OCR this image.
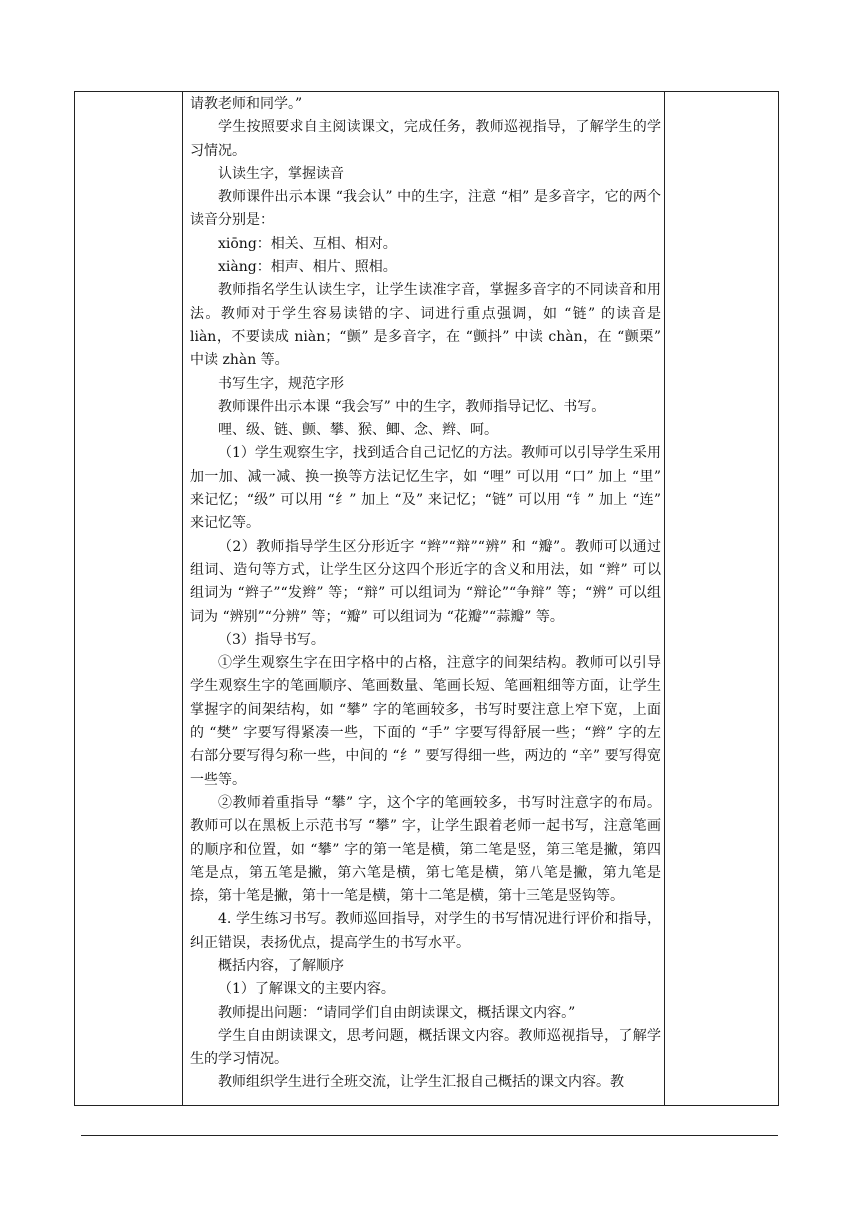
请教老师和同学。”

学生按照要求自主阅读课文，完成任务，教师巡视指导，了解学生的学习情况。

认读生字，掌握读音

教师课件出示本课 “我会认” 中的生字，注意 “相” 是多音字，它的两个读音分别是：

xiōng：相关、互相、相对。

xiàng：相声、相片、照相。

教师指名学生认读生字，让学生读准字音，掌握多音字的不同读音和用法。教师对于学生容易读错的字、词进行重点强调，如 “链” 的读音是 liàn，不要读成 niàn；“颤” 是多音字，在 “颤抖” 中读 chàn，在 “颤栗” 中读 zhàn 等。

书写生字，规范字形

教师课件出示本课 “我会写” 中的生字，教师指导记忆、书写。

哩、级、链、颤、攀、猴、鲫、念、辫、呵。

（1）学生观察生字，找到适合自己记忆的方法。教师可以引导学生采用加一加、减一减、换一换等方法记忆生字，如 “哩” 可以用 “口” 加上 “里” 来记忆；“级” 可以用 “纟” 加上 “及” 来记忆；“链” 可以用 “钅” 加上 “连” 来记忆等。

（2）教师指导学生区分形近字 “辫”“辩”“辨” 和 “瓣”。教师可以通过组词、造句等方式，让学生区分这四个形近字的含义和用法，如 “辫” 可以组词为 “辫子”“发辫” 等；“辩” 可以组词为 “辩论”“争辩” 等；“辨” 可以组词为 “辨别”“分辨” 等；“瓣” 可以组词为 “花瓣”“蒜瓣” 等。

（3）指导书写。

①学生观察生字在田字格中的占格，注意字的间架结构。教师可以引导学生观察生字的笔画顺序、笔画数量、笔画长短、笔画粗细等方面，让学生掌握字的间架结构，如 “攀” 字的笔画较多，书写时要注意上窄下宽，上面的 “樊” 字要写得紧凑一些，下面的 “手” 字要写得舒展一些；“辫” 字的左右部分要写得匀称一些，中间的 “纟” 要写得细一些，两边的 “辛” 要写得宽一些等。

②教师着重指导 “攀” 字，这个字的笔画较多，书写时注意字的布局。教师可以在黑板上示范书写 “攀” 字，让学生跟着老师一起书写，注意笔画的顺序和位置，如 “攀” 字的第一笔是横，第二笔是竖，第三笔是撇，第四笔是点，第五笔是撇，第六笔是横，第七笔是横，第八笔是撇，第九笔是捺，第十笔是撇，第十一笔是横，第十二笔是横，第十三笔是竖钩等。

4. 学生练习书写。教师巡回指导，对学生的书写情况进行评价和指导，纠正错误，表扬优点，提高学生的书写水平。

概括内容，了解顺序

（1）了解课文的主要内容。

教师提出问题：“请同学们自由朗读课文，概括课文内容。”

学生自由朗读课文，思考问题，概括课文内容。教师巡视指导，了解学生的学习情况。

教师组织学生进行全班交流，让学生汇报自己概括的课文内容。教
